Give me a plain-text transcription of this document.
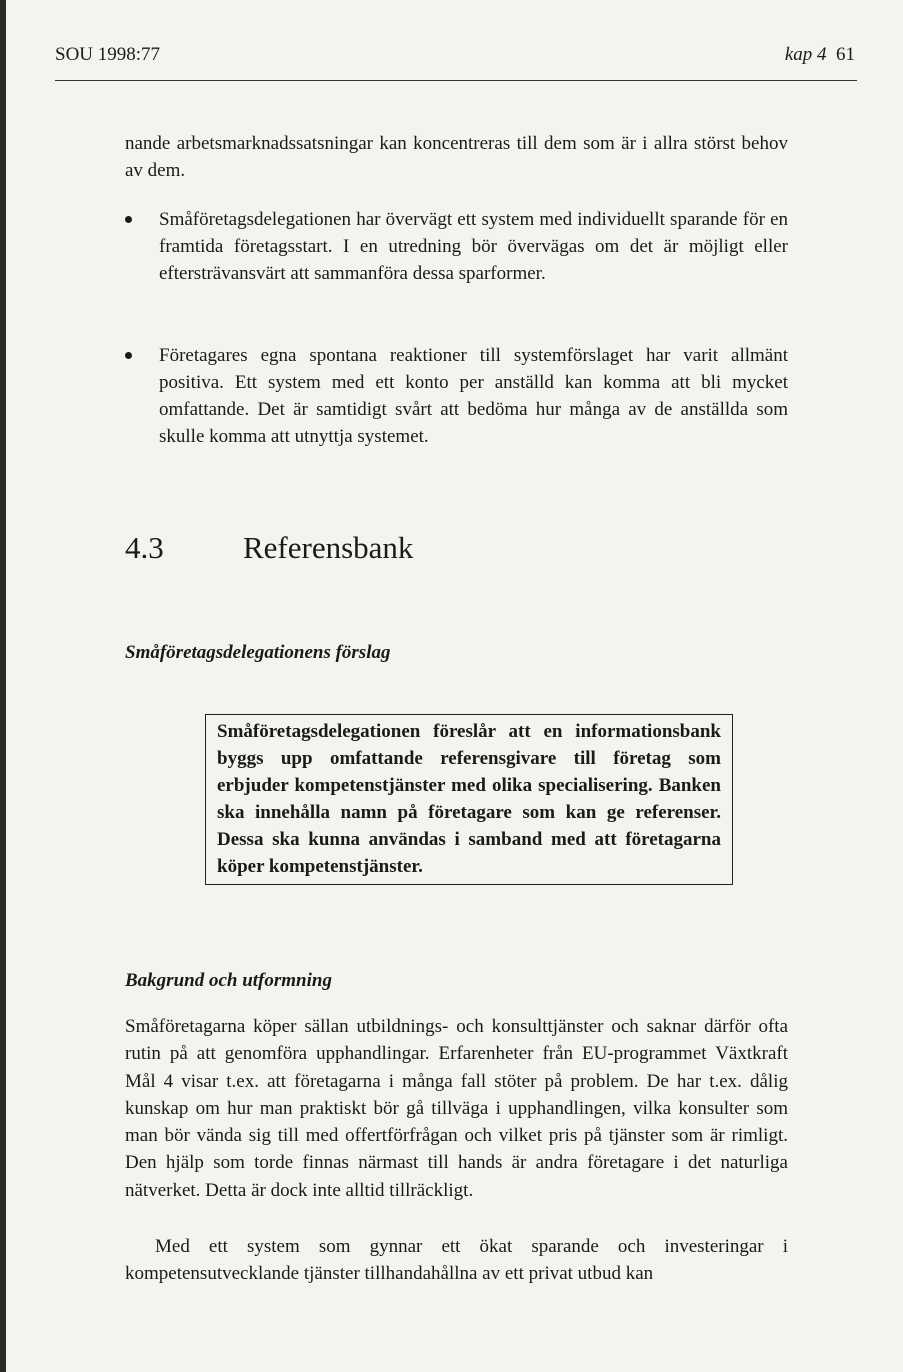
SOU 1998:77	kap 4 61

nande arbetsmarknadssatsningar kan koncentreras till dem som är i allra störst behov av dem.

Småföretagsdelegationen har övervägt ett system med individuellt sparande för en framtida företagsstart. I en utredning bör övervägas om det är möjligt eller eftersträvansvärt att sammanföra dessa sparformer.

Företagares egna spontana reaktioner till systemförslaget har varit allmänt positiva. Ett system med ett konto per anställd kan komma att bli mycket omfattande. Det är samtidigt svårt att bedöma hur många av de anställda som skulle komma att utnyttja systemet.

4.3	Referensbank
Småföretagsdelegationens förslag
Småföretagsdelegationen föreslår att en informationsbank byggs upp omfattande referensgivare till företag som erbjuder kompetenstjänster med olika specialisering. Banken ska innehålla namn på företagare som kan ge referenser. Dessa ska kunna användas i samband med att företagarna köper kompetenstjänster.
Bakgrund och utformning

Småföretagarna köper sällan utbildnings- och konsulttjänster och saknar därför ofta rutin på att genomföra upphandlingar. Erfarenheter från EU-programmet Växtkraft Mål 4 visar t.ex. att företagarna i många fall stöter på problem. De har t.ex. dålig kunskap om hur man praktiskt bör gå tillväga i upphandlingen, vilka konsulter som man bör vända sig till med offertförfrågan och vilket pris på tjänster som är rimligt. Den hjälp som torde finnas närmast till hands är andra företagare i det naturliga nätverket. Detta är dock inte alltid tillräckligt.

Med ett system som gynnar ett ökat sparande och investeringar i kompetensutvecklande tjänster tillhandahållna av ett privat utbud kan
